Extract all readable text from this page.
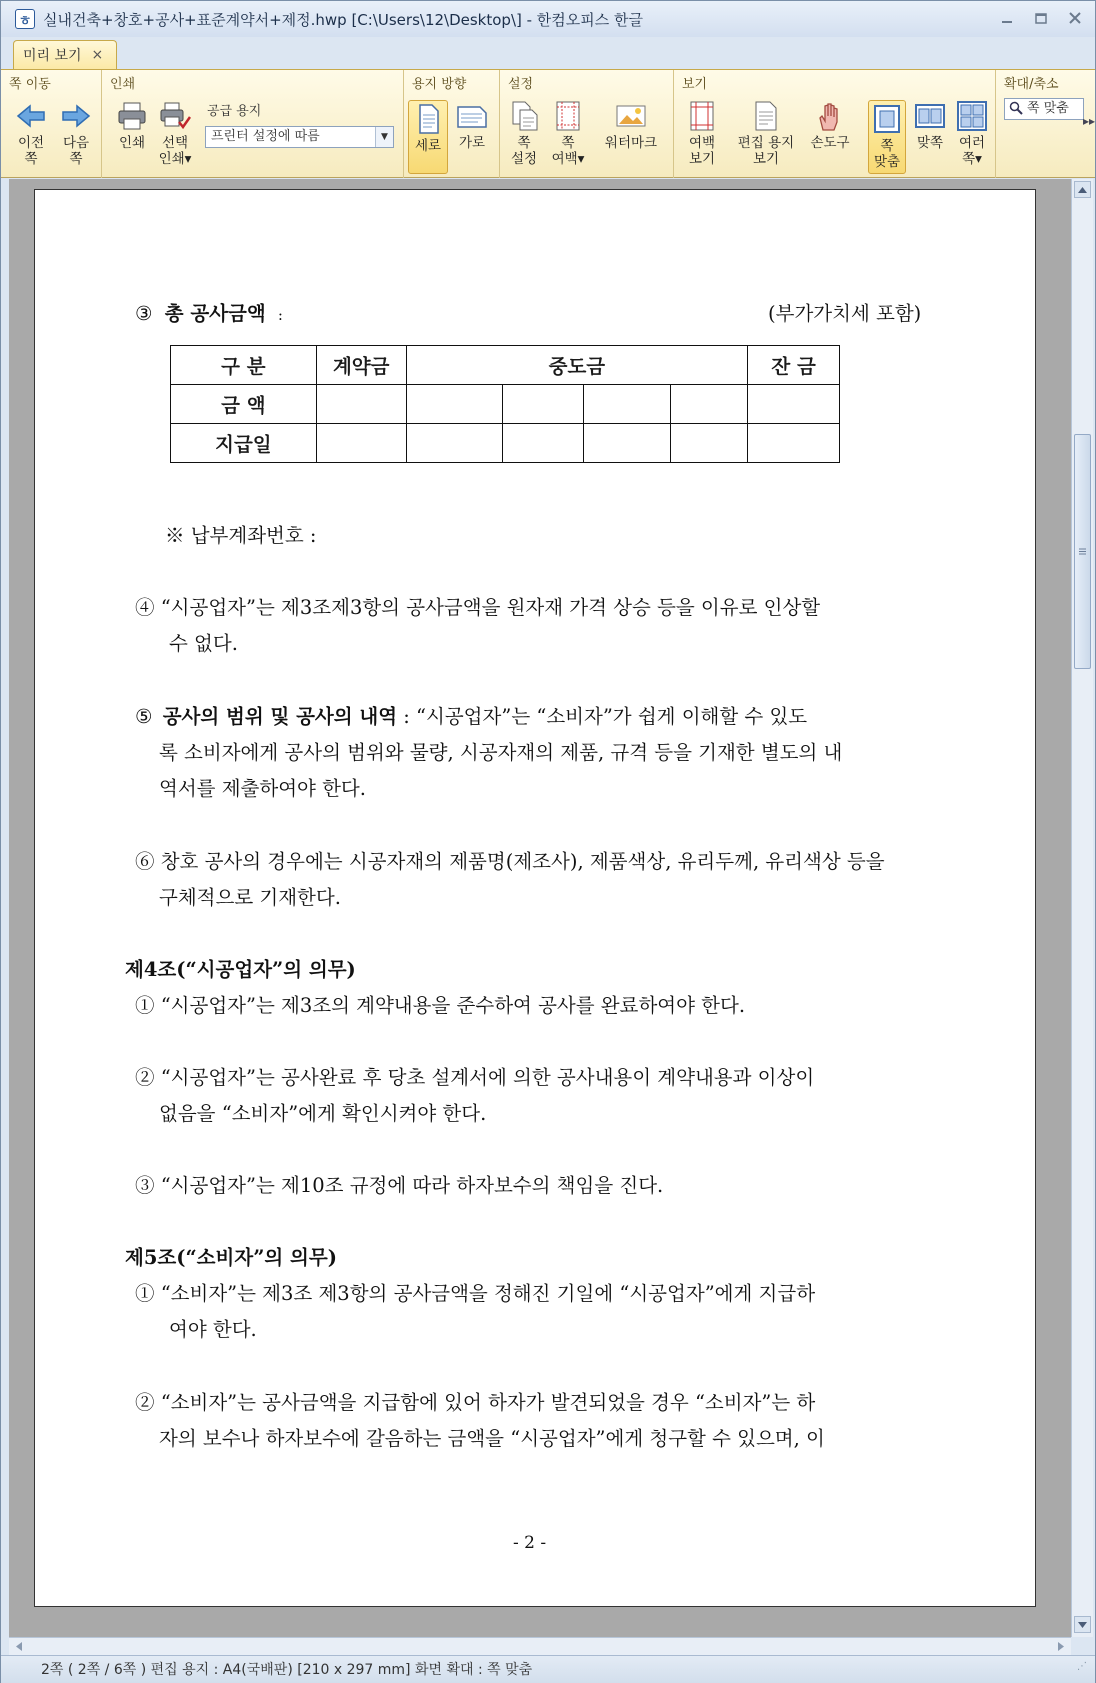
ㅎ 실내건축+창호+공사+표준계약서+제정.hwp [C:\Users\12\Desktop\] - 한컴오피스 한글
미리 보기 ×
쪽 이동
이전
쪽
다음
쪽
인쇄
인쇄 선택
인쇄▾
공급 용지
프린터 설정에 따름	▼
용지 방향
세로 가로
설정
쪽
설정
쪽
여백▾
워터마크
보기
여백
보기
편집 용지
보기
손도구 쪽
맞춤
맞쪽 여러
쪽▾
확대/축소
쪽 맞춤
▸▸
③ 총 공사금액 :	(부가가치세 포함)
구 분	계약금	중도금				잔 금
금 액						
지급일						
※ 납부계좌번호 :
④ “시공업자”는 제3조제3항의 공사금액을 원자재 가격 상승 등을 이유로 인상할
수 없다.
⑤ 공사의 범위 및 공사의 내역 : “시공업자”는 “소비자”가 쉽게 이해할 수 있도
록 소비자에게 공사의 범위와 물량, 시공자재의 제품, 규격 등을 기재한 별도의 내
역서를 제출하여야 한다.
⑥ 창호 공사의 경우에는 시공자재의 제품명(제조사), 제품색상, 유리두께, 유리색상 등을
구체적으로 기재한다.
제4조(“시공업자”의 의무)
① “시공업자”는 제3조의 계약내용을 준수하여 공사를 완료하여야 한다.
② “시공업자”는 공사완료 후 당초 설계서에 의한 공사내용이 계약내용과 이상이
없음을 “소비자”에게 확인시켜야 한다.
③ “시공업자”는 제10조 규정에 따라 하자보수의 책임을 진다.
제5조(“소비자”의 의무)
① “소비자”는 제3조 제3항의 공사금액을 정해진 기일에 “시공업자”에게 지급하
여야 한다.
② “소비자”는 공사금액을 지급함에 있어 하자가 발견되었을 경우 “소비자”는 하
자의 보수나 하자보수에 갈음하는 금액을 “시공업자”에게 청구할 수 있으며, 이
- 2 -
2쪽 ( 2쪽 / 6쪽 ) 편집 용지 : A4(국배판) [210 x 297 mm] 화면 확대 : 쪽 맞춤	⋰
